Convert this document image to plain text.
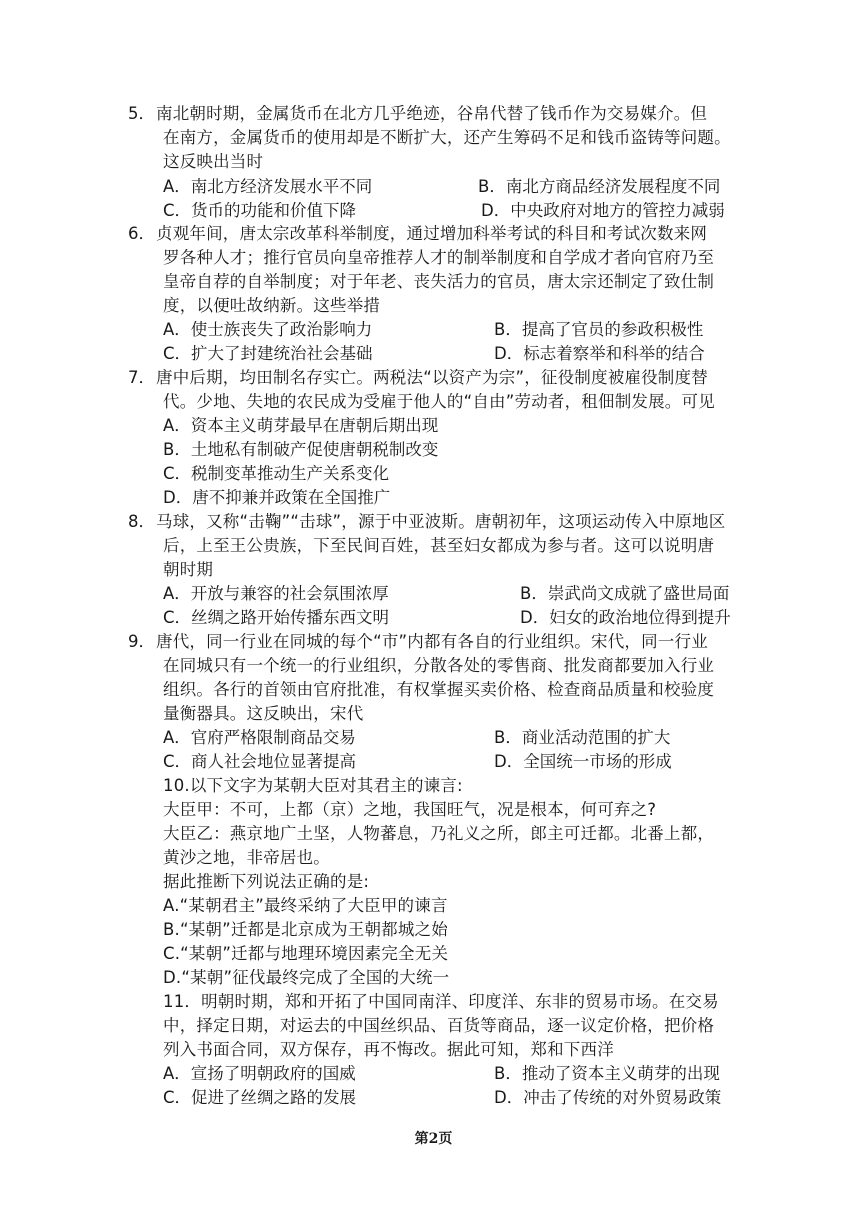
5． 南北朝时期，金属货币在北方几乎绝迹，谷帛代替了钱币作为交易媒介。但
在南方，金属货币的使用却是不断扩大，还产生筹码不足和钱币盗铸等问题。
这反映出当时
A．南北方经济发展水平不同	B．南北方商品经济发展程度不同
C．货币的功能和价值下降	D．中央政府对地方的管控力减弱
6． 贞观年间，唐太宗改革科举制度，通过增加科举考试的科目和考试次数来网
罗各种人才；推行官员向皇帝推荐人才的制举制度和自学成才者向官府乃至
皇帝自荐的自举制度；对于年老、丧失活力的官员，唐太宗还制定了致仕制
度，以便吐故纳新。这些举措
A．使士族丧失了政治影响力	B．提高了官员的参政积极性
C．扩大了封建统治社会基础	D．标志着察举和科举的结合
7． 唐中后期，均田制名存实亡。两税法“以资产为宗”，征役制度被雇役制度替
代。少地、失地的农民成为受雇于他人的“自由”劳动者，租佃制发展。可见
A．资本主义萌芽最早在唐朝后期出现
B．土地私有制破产促使唐朝税制改变
C．税制变革推动生产关系变化
D．唐不抑兼并政策在全国推广
8． 马球，又称“击鞠”“击球”，源于中亚波斯。唐朝初年，这项运动传入中原地区
后，上至王公贵族，下至民间百姓，甚至妇女都成为参与者。这可以说明唐
朝时期
A．开放与兼容的社会氛围浓厚	B．崇武尚文成就了盛世局面
C．丝绸之路开始传播东西文明	D．妇女的政治地位得到提升
9． 唐代，同一行业在同城的每个“市”内都有各自的行业组织。宋代，同一行业
在同城只有一个统一的行业组织，分散各处的零售商、批发商都要加入行业
组织。各行的首领由官府批准，有权掌握买卖价格、检查商品质量和校验度
量衡器具。这反映出，宋代
A．官府严格限制商品交易	B．商业活动范围的扩大
C．商人社会地位显著提高	D．全国统一市场的形成
10.以下文字为某朝大臣对其君主的谏言:
大臣甲：不可，上都（京）之地，我国旺气，况是根本，何可弃之?
大臣乙：燕京地广土坚，人物蕃息，乃礼义之所，郎主可迁都。北番上都，
黄沙之地，非帝居也。
据此推断下列说法正确的是:
A.“某朝君主”最终采纳了大臣甲的谏言
B.“某朝”迁都是北京成为王朝都城之始
C.“某朝”迁都与地理环境因素完全无关
D.“某朝”征伐最终完成了全国的大统一
11．明朝时期，郑和开拓了中国同南洋、印度洋、东非的贸易市场。在交易
中，择定日期，对运去的中国丝织品、百货等商品，逐一议定价格，把价格
列入书面合同，双方保存，再不悔改。据此可知，郑和下西洋
A．宣扬了明朝政府的国威	B．推动了资本主义萌芽的出现
C．促进了丝绸之路的发展	D．冲击了传统的对外贸易政策
第2页
